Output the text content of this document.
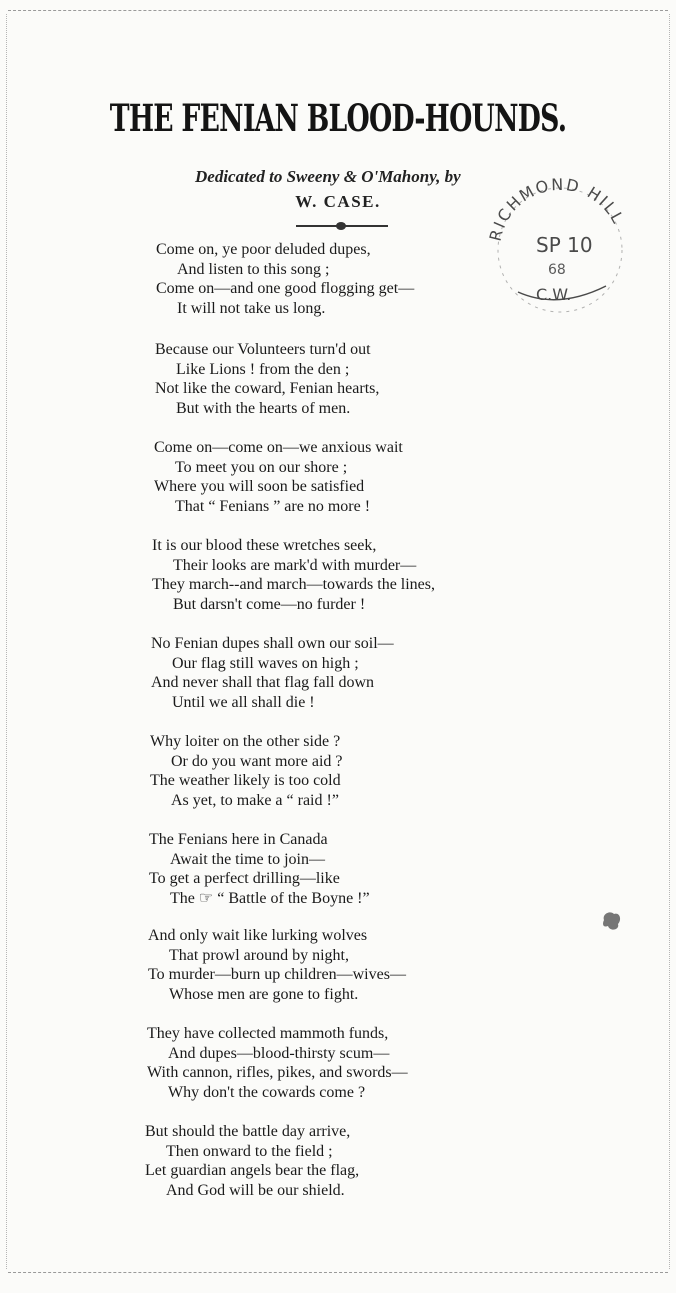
THE FENIAN BLOOD-HOUNDS.
Dedicated to Sweeny & O'Mahony, by
W. CASE.
RICHMOND HILL
SP 10
68
C.W.
Come on, ye poor deluded dupes,
And listen to this song ;
Come on—and one good flogging get—
It will not take us long.
Because our Volunteers turn'd out
Like Lions ! from the den ;
Not like the coward, Fenian hearts,
But with the hearts of men.
Come on—come on—we anxious wait
To meet you on our shore ;
Where you will soon be satisfied
That “ Fenians ” are no more !
It is our blood these wretches seek,
Their looks are mark'd with murder—
They march--and march—towards the lines,
But darsn't come—no furder !
No Fenian dupes shall own our soil—
Our flag still waves on high ;
And never shall that flag fall down
Until we all shall die !
Why loiter on the other side ?
Or do you want more aid ?
The weather likely is too cold
As yet, to make a “ raid !”
The Fenians here in Canada
Await the time to join—
To get a perfect drilling—like
The ☞ “ Battle of the Boyne !”
And only wait like lurking wolves
That prowl around by night,
To murder—burn up children—wives—
Whose men are gone to fight.
They have collected mammoth funds,
And dupes—blood-thirsty scum—
With cannon, rifles, pikes, and swords—
Why don't the cowards come ?
But should the battle day arrive,
Then onward to the field ;
Let guardian angels bear the flag,
And God will be our shield.
